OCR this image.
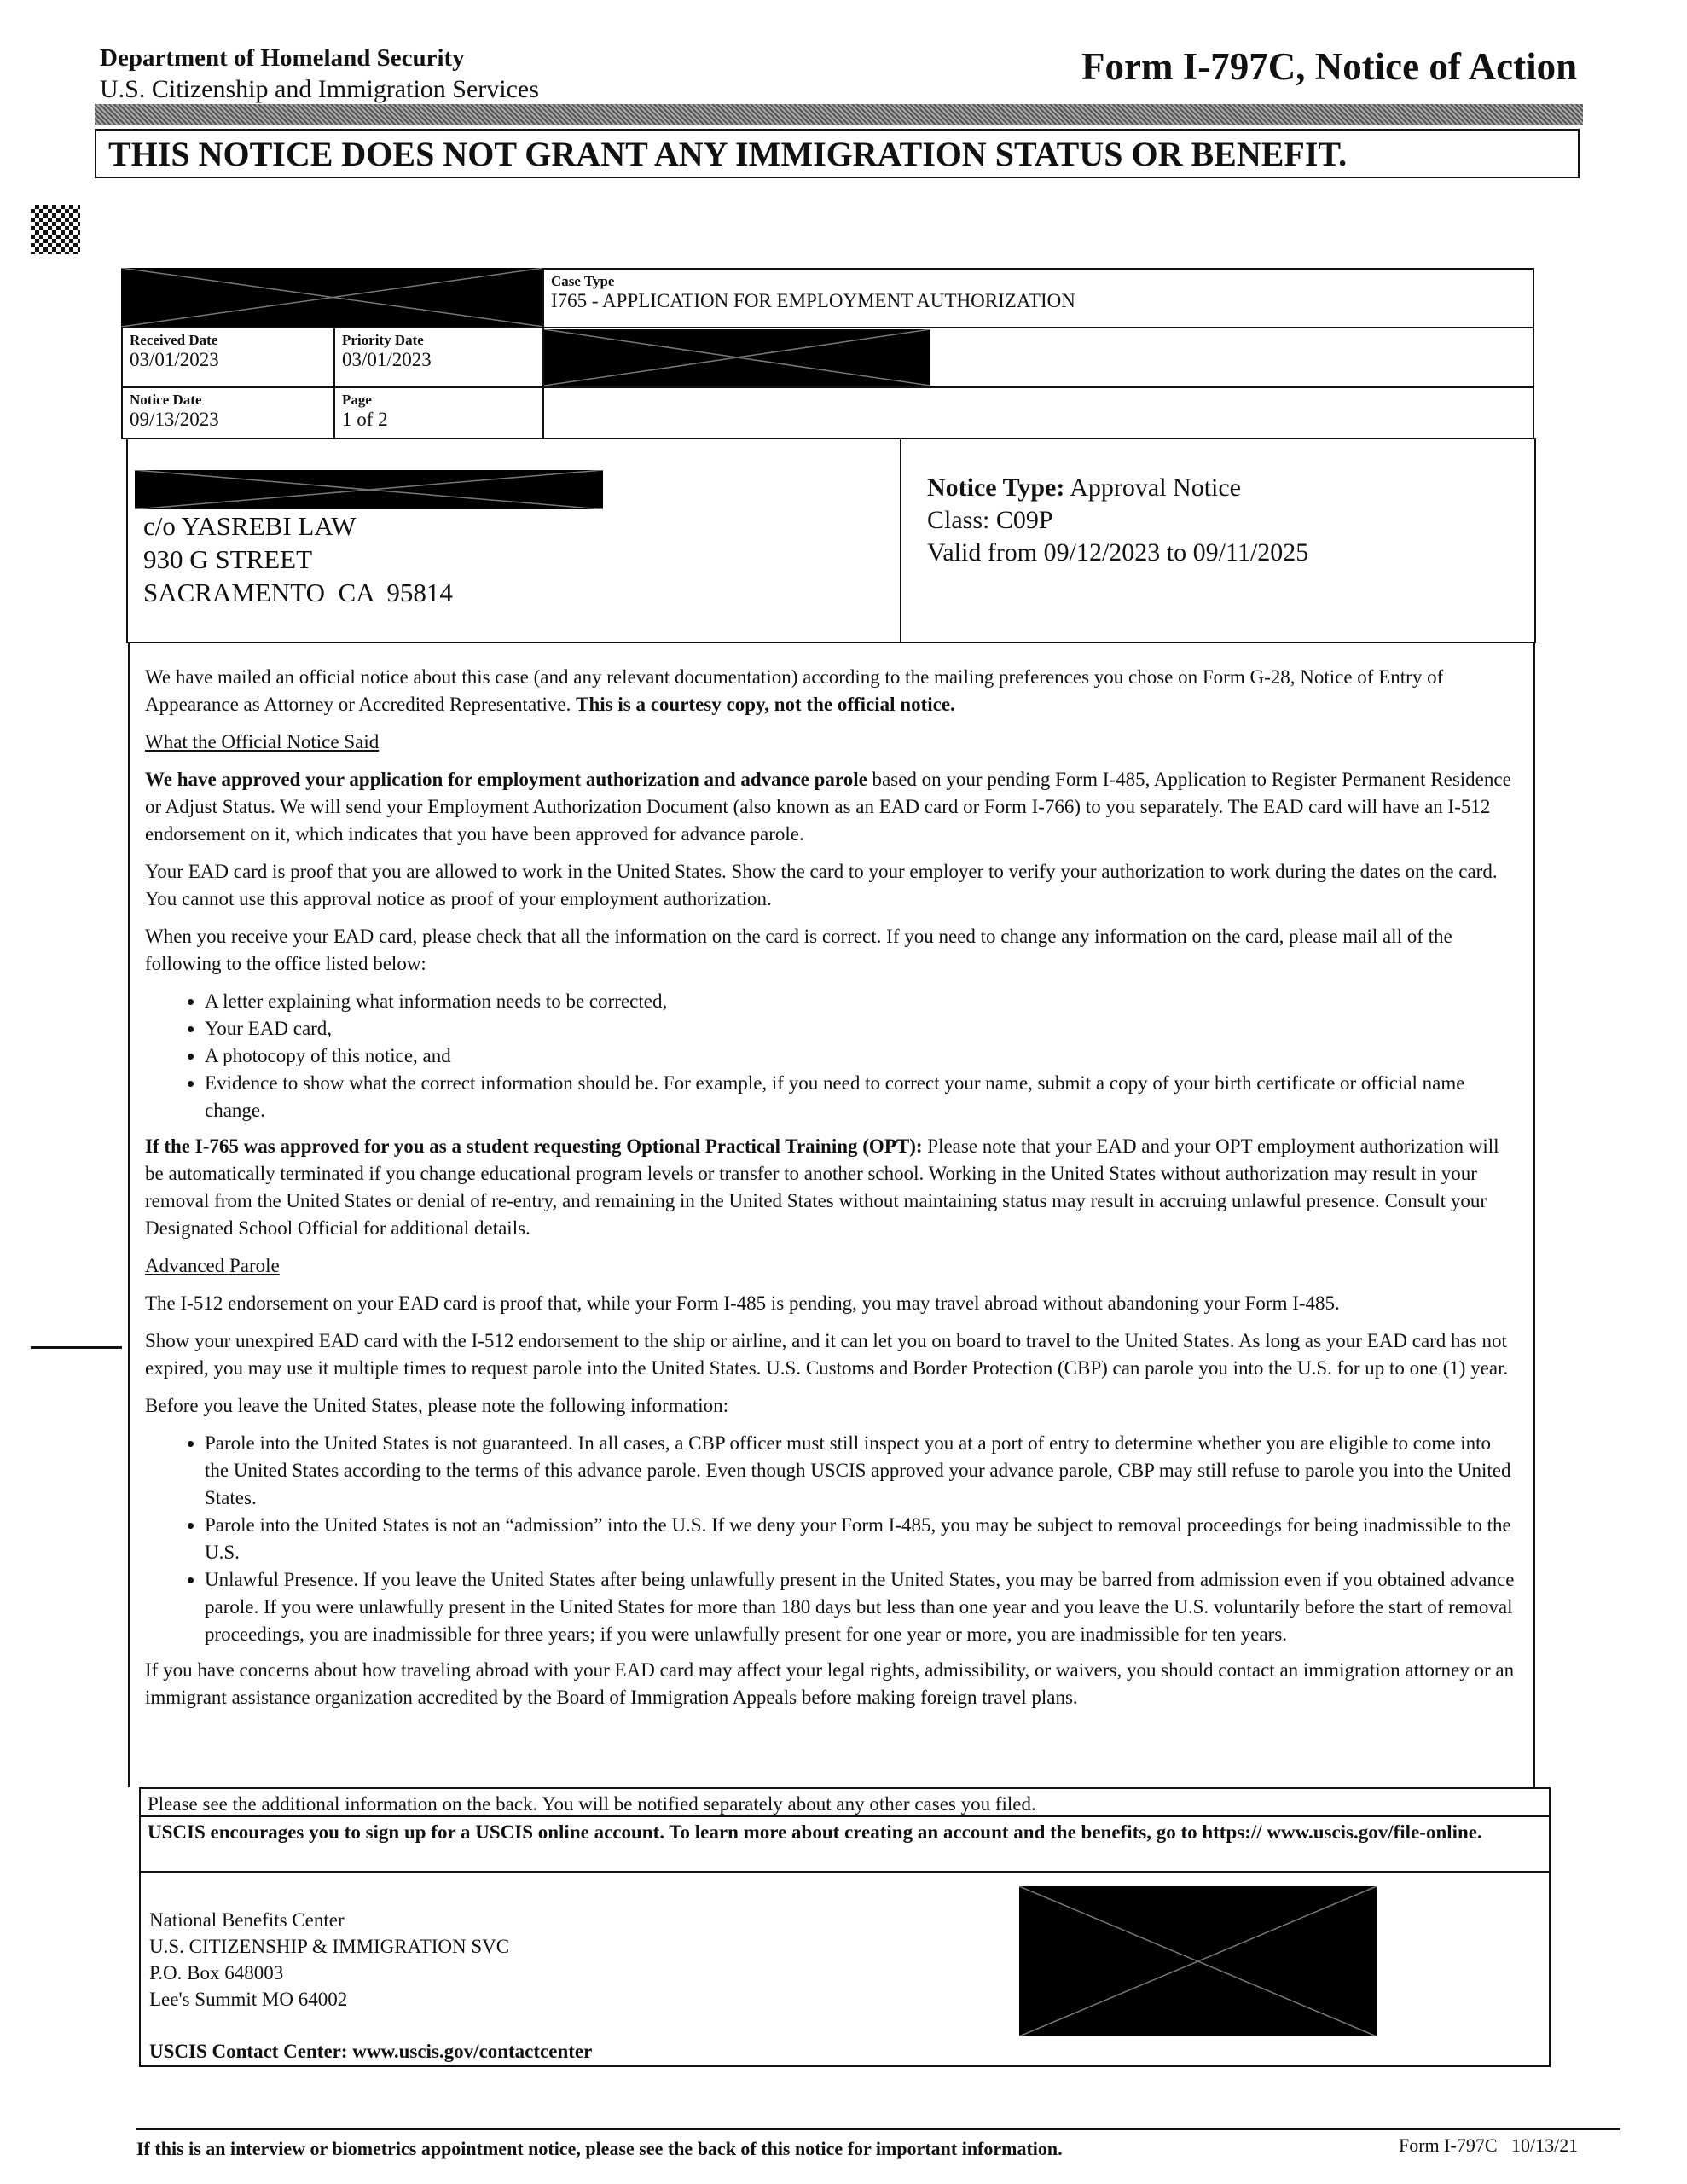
Department of Homeland Security
U.S. Citizenship and Immigration Services
Form I-797C, Notice of Action
THIS NOTICE DOES NOT GRANT ANY IMMIGRATION STATUS OR BENEFIT.
Case Type
I765 - APPLICATION FOR EMPLOYMENT AUTHORIZATION
Received Date
03/01/2023
Priority Date
03/01/2023
Notice Date
09/13/2023
Page
1 of 2
c/o YASREBI LAW
930 G STREET
SACRAMENTO  CA  95814
Notice Type: Approval Notice
Class: C09P
Valid from 09/12/2023 to 09/11/2025

We have mailed an official notice about this case (and any relevant documentation) according to the mailing preferences you chose on Form G-28, Notice of Entry of Appearance as Attorney or Accredited Representative. This is a courtesy copy, not the official notice.

What the Official Notice Said

We have approved your application for employment authorization and advance parole based on your pending Form I-485, Application to Register Permanent Residence or Adjust Status. We will send your Employment Authorization Document (also known as an EAD card or Form I-766) to you separately. The EAD card will have an I-512 endorsement on it, which indicates that you have been approved for advance parole.

Your EAD card is proof that you are allowed to work in the United States. Show the card to your employer to verify your authorization to work during the dates on the card. You cannot use this approval notice as proof of your employment authorization.

When you receive your EAD card, please check that all the information on the card is correct. If you need to change any information on the card, please mail all of the following to the office listed below:

• A letter explaining what information needs to be corrected,
• Your EAD card,
• A photocopy of this notice, and
• Evidence to show what the correct information should be. For example, if you need to correct your name, submit a copy of your birth certificate or official name change.

If the I-765 was approved for you as a student requesting Optional Practical Training (OPT): Please note that your EAD and your OPT employment authorization will be automatically terminated if you change educational program levels or transfer to another school. Working in the United States without authorization may result in your removal from the United States or denial of re-entry, and remaining in the United States without maintaining status may result in accruing unlawful presence. Consult your Designated School Official for additional details.

Advanced Parole

The I-512 endorsement on your EAD card is proof that, while your Form I-485 is pending, you may travel abroad without abandoning your Form I-485.

Show your unexpired EAD card with the I-512 endorsement to the ship or airline, and it can let you on board to travel to the United States. As long as your EAD card has not expired, you may use it multiple times to request parole into the United States. U.S. Customs and Border Protection (CBP) can parole you into the U.S. for up to one (1) year.

Before you leave the United States, please note the following information:

• Parole into the United States is not guaranteed. In all cases, a CBP officer must still inspect you at a port of entry to determine whether you are eligible to come into the United States according to the terms of this advance parole. Even though USCIS approved your advance parole, CBP may still refuse to parole you into the United States.
• Parole into the United States is not an “admission” into the U.S. If we deny your Form I-485, you may be subject to removal proceedings for being inadmissible to the U.S.
• Unlawful Presence. If you leave the United States after being unlawfully present in the United States, you may be barred from admission even if you obtained advance parole. If you were unlawfully present in the United States for more than 180 days but less than one year and you leave the U.S. voluntarily before the start of removal proceedings, you are inadmissible for three years; if you were unlawfully present for one year or more, you are inadmissible for ten years.

If you have concerns about how traveling abroad with your EAD card may affect your legal rights, admissibility, or waivers, you should contact an immigration attorney or an immigrant assistance organization accredited by the Board of Immigration Appeals before making foreign travel plans.

Please see the additional information on the back. You will be notified separately about any other cases you filed.
USCIS encourages you to sign up for a USCIS online account. To learn more about creating an account and the benefits, go to https:// www.uscis.gov/file-online.
National Benefits Center
U.S. CITIZENSHIP & IMMIGRATION SVC
P.O. Box 648003
Lee's Summit MO 64002
USCIS Contact Center: www.uscis.gov/contactcenter
If this is an interview or biometrics appointment notice, please see the back of this notice for important information.	Form I-797C   10/13/21
